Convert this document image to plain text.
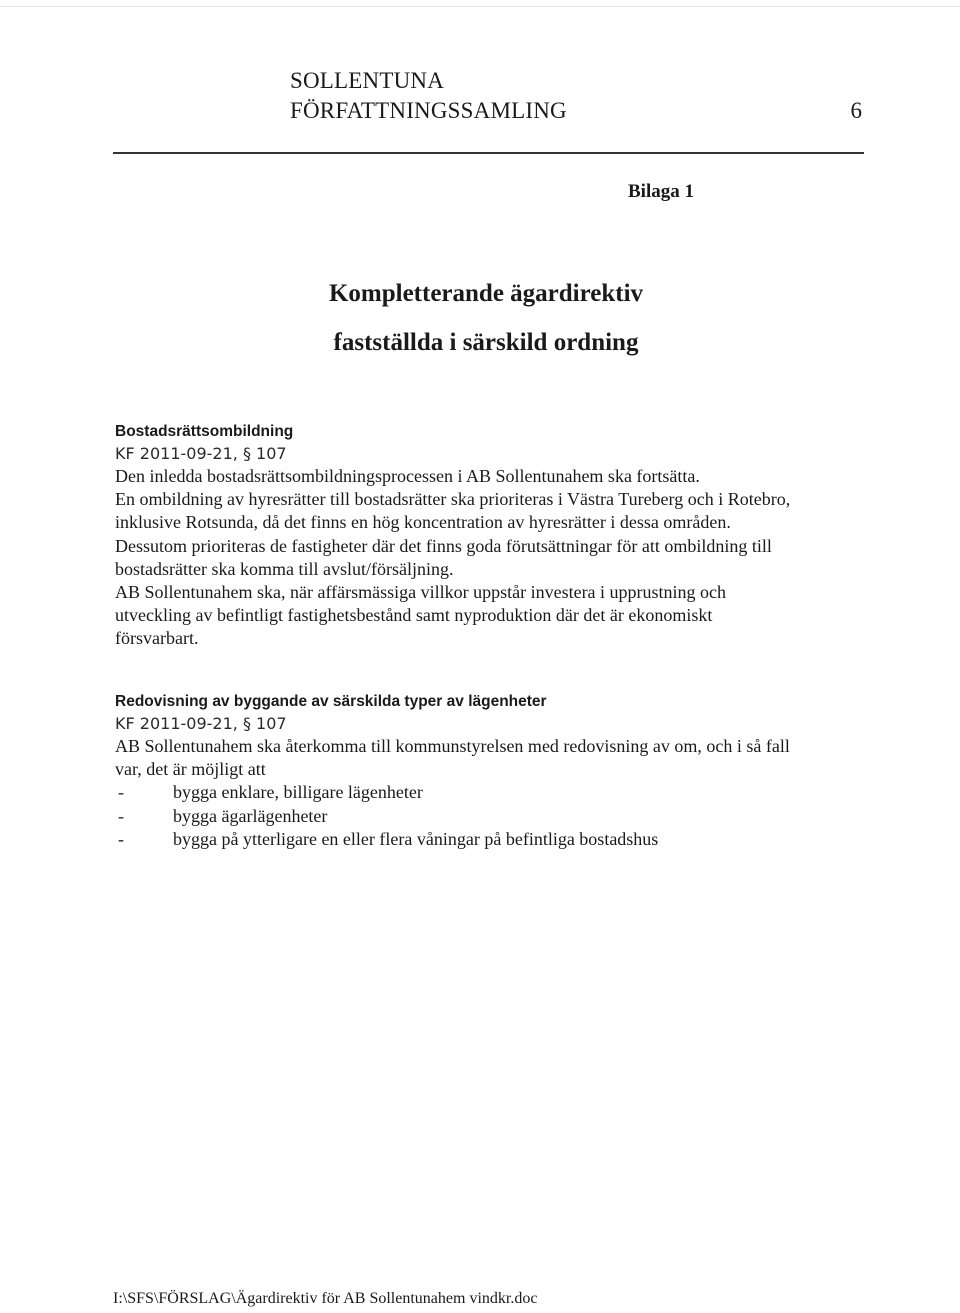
SOLLENTUNA
FÖRFATTNINGSSAMLING	6
Bilaga 1
Kompletterande ägardirektiv
fastställda i särskild ordning
Bostadsrättsombildning
KF 2011-09-21, § 107

Den inledda bostadsrättsombildningsprocessen i AB Sollentunahem ska fortsätta.

En ombildning av hyresrätter till bostadsrätter ska prioriteras i Västra Tureberg och i Rotebro,

inklusive Rotsunda, då det finns en hög koncentration av hyresrätter i dessa områden.

Dessutom prioriteras de fastigheter där det finns goda förutsättningar för att ombildning till

bostadsrätter ska komma till avslut/försäljning.

AB Sollentunahem ska, när affärsmässiga villkor uppstår investera i upprustning och

utveckling av befintligt fastighetsbestånd samt nyproduktion där det är ekonomiskt

försvarbart.

Redovisning av byggande av särskilda typer av lägenheter
KF 2011-09-21, § 107

AB Sollentunahem ska återkomma till kommunstyrelsen med redovisning av om, och i så fall

var, det är möjligt att

-	bygga enklare, billigare lägenheter
-	bygga ägarlägenheter
-	bygga på ytterligare en eller flera våningar på befintliga bostadshus
I:\SFS\FÖRSLAG\Ägardirektiv för AB Sollentunahem vindkr.doc
